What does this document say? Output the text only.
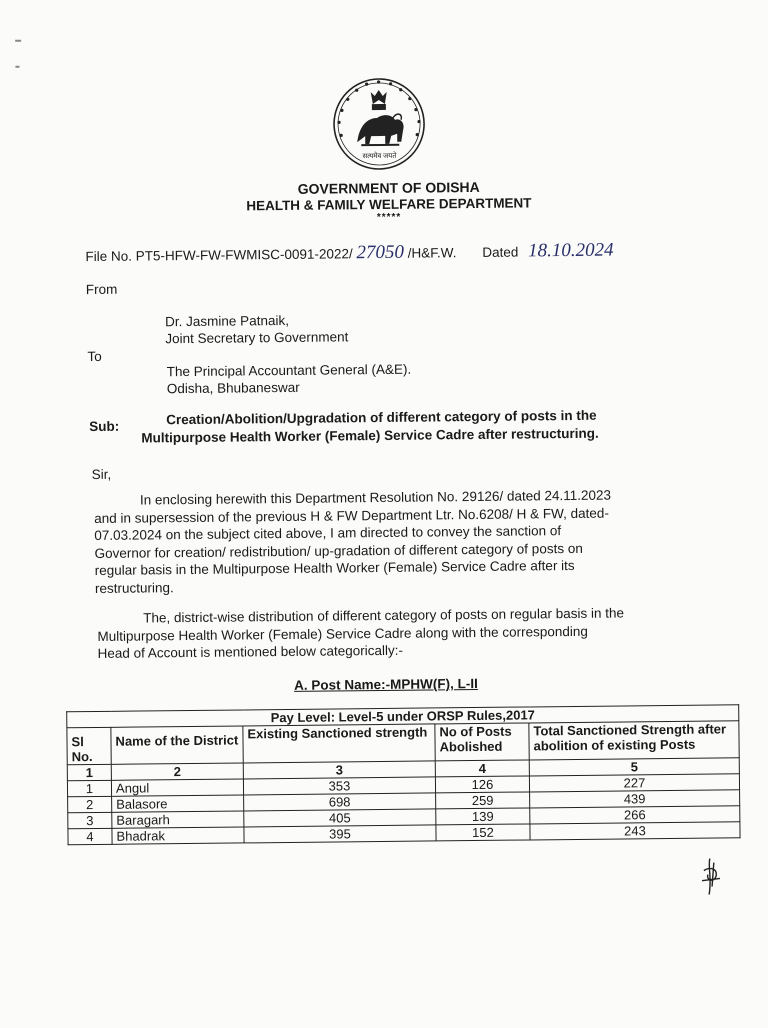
सत्यमेव जयते
GOVERNMENT OF ODISHA
HEALTH & FAMILY WELFARE DEPARTMENT
*****
File No. PT5-HFW-FW-FWMISC-0091-2022/ 27050 /H&F.W. Dated 18.10.2024
From
Dr. Jasmine Patnaik,
Joint Secretary to Government
To
The Principal Accountant General (A&E).
Odisha, Bhubaneswar
Sub:	Creation/Abolition/Upgradation of different category of posts in the
Multipurpose Health Worker (Female) Service Cadre after restructuring.
Sir,
In enclosing herewith this Department Resolution No. 29126/ dated 24.11.2023
and in supersession of the previous H & FW Department Ltr. No.6208/ H & FW, dated-
07.03.2024 on the subject cited above, I am directed to convey the sanction of
Governor for creation/ redistribution/ up-gradation of different category of posts on
regular basis in the Multipurpose Health Worker (Female) Service Cadre after its
restructuring.
The, district-wise distribution of different category of posts on regular basis in the
Multipurpose Health Worker (Female) Service Cadre along with the corresponding
Head of Account is mentioned below categorically:-
A. Post Name:-MPHW(F), L-II
Pay Level: Level-5 under ORSP Rules,2017				
Sl No.	Name of the District	Existing Sanctioned strength	No of Posts Abolished	Total Sanctioned Strength after abolition of existing Posts
1	2	3	4	5
1	Angul	353	126	227
2	Balasore	698	259	439
3	Baragarh	405	139	266
4	Bhadrak	395	152	243
